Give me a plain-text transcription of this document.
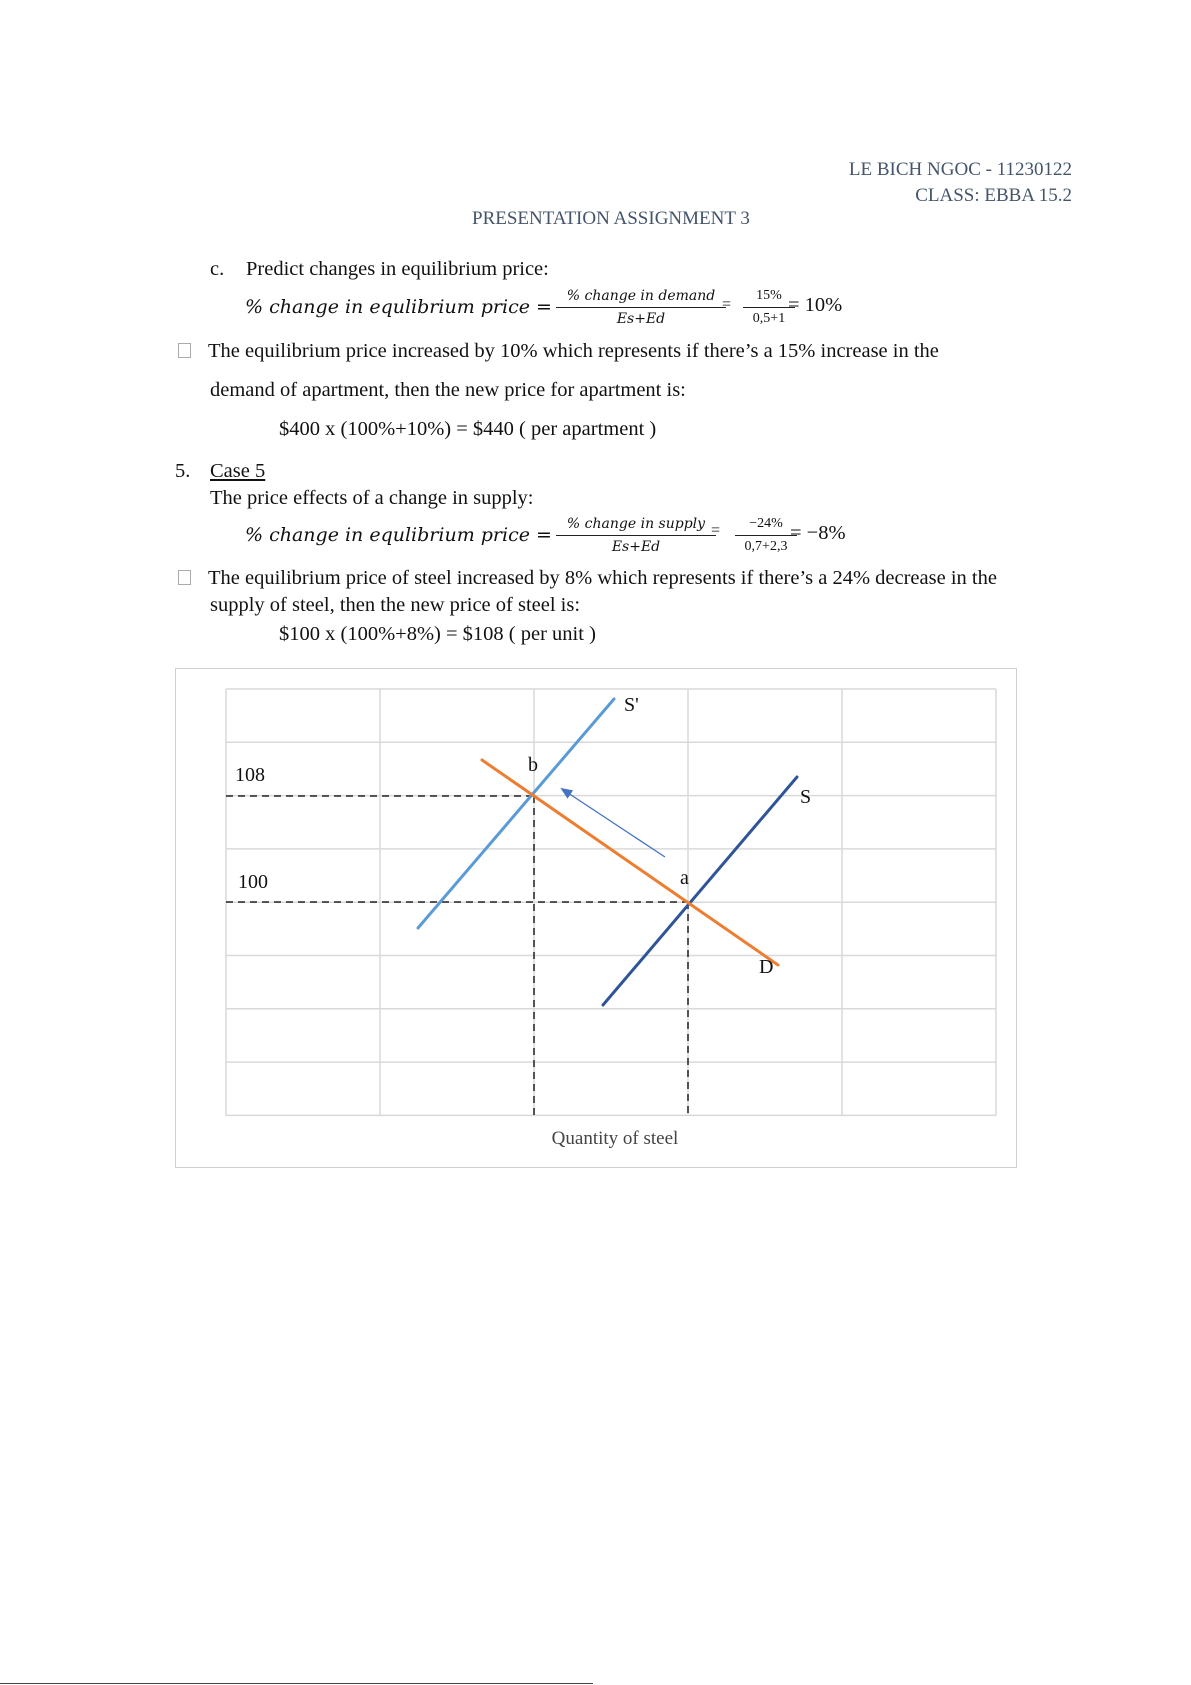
LE BICH NGOC - 11230122
CLASS: EBBA 15.2
PRESENTATION ASSIGNMENT 3
c. Predict changes in equilibrium price:
% change in equlibrium price =	% change in demand
Es+Ed
=
15%
0,5+1
= 10%
The equilibrium price increased by 10% which represents if there’s a 15% increase in the
demand of apartment, then the new price for apartment is:
$400 x (100%+10%) = $440 ( per apartment )
5. Case 5
The price effects of a change in supply:
% change in equlibrium price =	% change in supply
Es+Ed
=	−24%
0,7+2,3
= −8%
The equilibrium price of steel increased by 8% which represents if there’s a 24% decrease in the
supply of steel, then the new price of steel is:
$100 x (100%+8%) = $108 ( per unit )
108
100
S'
S
D
a
b
Quantity of steel
